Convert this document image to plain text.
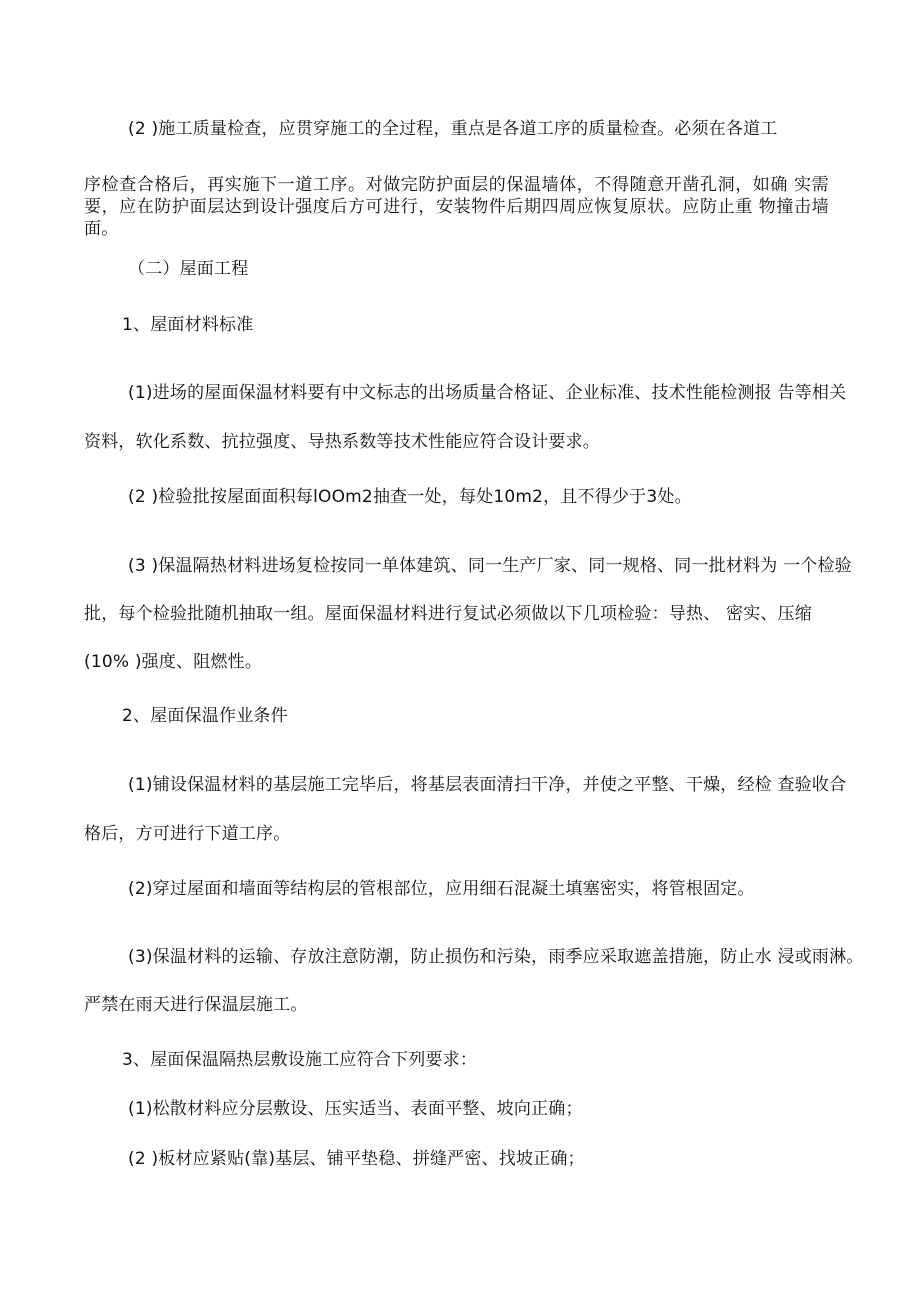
(2 )施工质量检查，应贯穿施工的全过程，重点是各道工序的质量检查。必须在各道工

序检查合格后，再实施下一道工序。对做完防护面层的保温墙体，不得随意开凿孔洞，如确 实需

要，应在防护面层达到设计强度后方可进行，安装物件后期四周应恢复原状。应防止重 物撞击墙

面。

（二）屋面工程

1、屋面材料标准

(1)进场的屋面保温材料要有中文标志的出场质量合格证、企业标准、技术性能检测报 告等相关

资料，软化系数、抗拉强度、导热系数等技术性能应符合设计要求。

(2 )检验批按屋面面积每lOOm2抽查一处，每处10m2，且不得少于3处。

(3 )保温隔热材料进场复检按同一单体建筑、同一生产厂家、同一规格、同一批材料为 一个检验

批，每个检验批随机抽取一组。屋面保温材料进行复试必须做以下几项检验：导热、 密实、压缩

(10% )强度、阻燃性。

2、屋面保温作业条件

(1)铺设保温材料的基层施工完毕后，将基层表面清扫干净，并使之平整、干燥，经检 查验收合

格后，方可进行下道工序。

(2)穿过屋面和墙面等结构层的管根部位，应用细石混凝土填塞密实，将管根固定。

(3)保温材料的运输、存放注意防潮，防止损伤和污染，雨季应采取遮盖措施，防止水 浸或雨淋。

严禁在雨天进行保温层施工。

3、屋面保温隔热层敷设施工应符合下列要求：

(1)松散材料应分层敷设、压实适当、表面平整、坡向正确；

(2 )板材应紧贴(靠)基层、铺平垫稳、拼缝严密、找坡正确；
